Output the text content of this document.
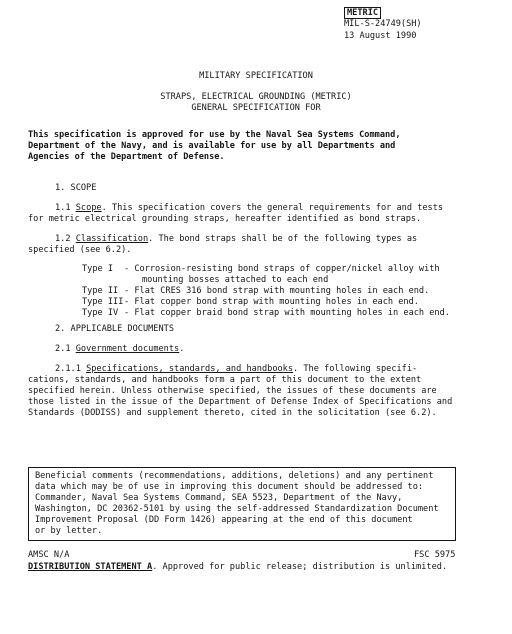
METRIC
MIL-S-24749(SH)
13 August 1990
MILITARY SPECIFICATION
STRAPS, ELECTRICAL GROUNDING (METRIC)
GENERAL SPECIFICATION FOR
This specification is approved for use by the Naval Sea Systems Command,
Department of the Navy, and is available for use by all Departments and
Agencies of the Department of Defense.
1. SCOPE
1.1 Scope. This specification covers the general requirements for and tests
for metric electrical grounding straps, hereafter identified as bond straps.
1.2 Classification. The bond straps shall be of the following types as
specified (see 6.2).
Type I	- Corrosion-resisting bond straps of copper/nickel alloy with
mounting bosses attached to each end
Type II - Flat CRES 316 bond strap with mounting holes in each end.
Type III - Flat copper bond strap with mounting holes in each end.
Type IV - Flat copper braid bond strap with mounting holes in each end.
2. APPLICABLE DOCUMENTS
2.1 Government documents.
2.1.1 Specifications, standards, and handbooks. The following specifi-
cations, standards, and handbooks form a part of this document to the extent
specified herein. Unless otherwise specified, the issues of these documents are
those listed in the issue of the Department of Defense Index of Specifications and
Standards (DODISS) and supplement thereto, cited in the solicitation (see 6.2).
Beneficial comments (recommendations, additions, deletions) and any pertinent
data which may be of use in improving this document should be addressed to:
Commander, Naval Sea Systems Command, SEA 5523, Department of the Navy,
Washington, DC 20362-5101 by using the self-addressed Standardization Document
Improvement Proposal (DD Form 1426) appearing at the end of this document
or by letter.
AMSC N/A	FSC 5975
DISTRIBUTION STATEMENT A. Approved for public release; distribution is unlimited.
